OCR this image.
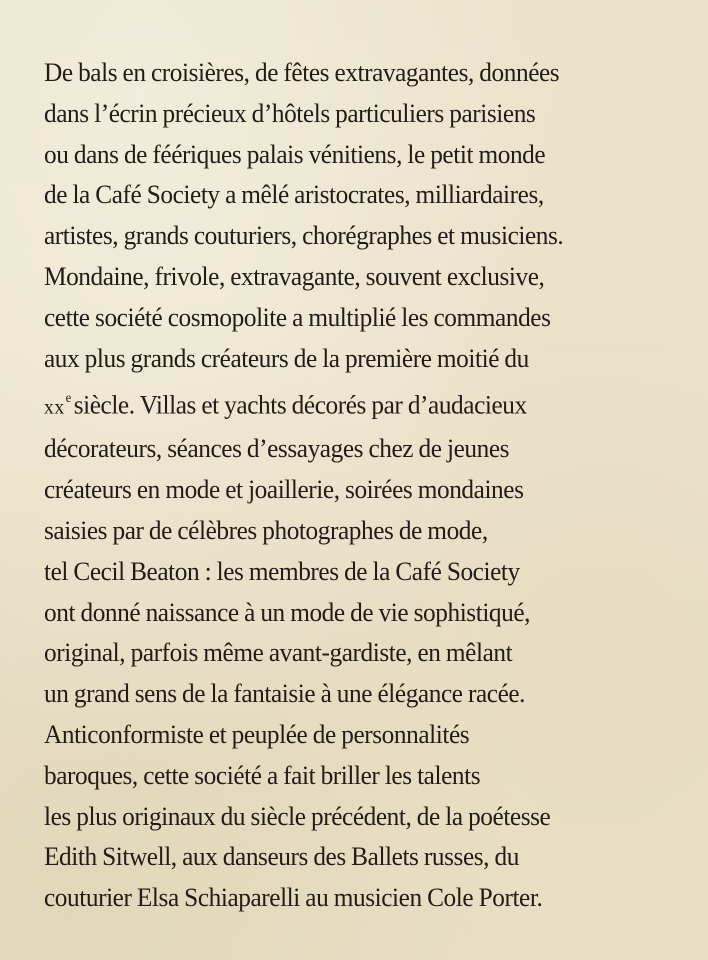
De bals en croisières, de fêtes extravagantes, données
dans l’écrin précieux d’hôtels particuliers parisiens
ou dans de féériques palais vénitiens, le petit monde
de la Café Society a mêlé aristocrates, milliardaires,
artistes, grands couturiers, chorégraphes et musiciens.
Mondaine, frivole, extravagante, souvent exclusive,
cette société cosmopolite a multiplié les commandes
aux plus grands créateurs de la première moitié du
$xx^e$ siècle. Villas et yachts décorés par d’audacieux
décorateurs, séances d’essayages chez de jeunes
créateurs en mode et joaillerie, soirées mondaines
saisies par de célèbres photographes de mode,
tel Cecil Beaton : les membres de la Café Society
ont donné naissance à un mode de vie sophistiqué,
original, parfois même avant-gardiste, en mêlant
un grand sens de la fantaisie à une élégance racée.
Anticonformiste et peuplée de personnalités
baroques, cette société a fait briller les talents
les plus originaux du siècle précédent, de la poétesse
Edith Sitwell, aux danseurs des Ballets russes, du
couturier Elsa Schiaparelli au musicien Cole Porter.
